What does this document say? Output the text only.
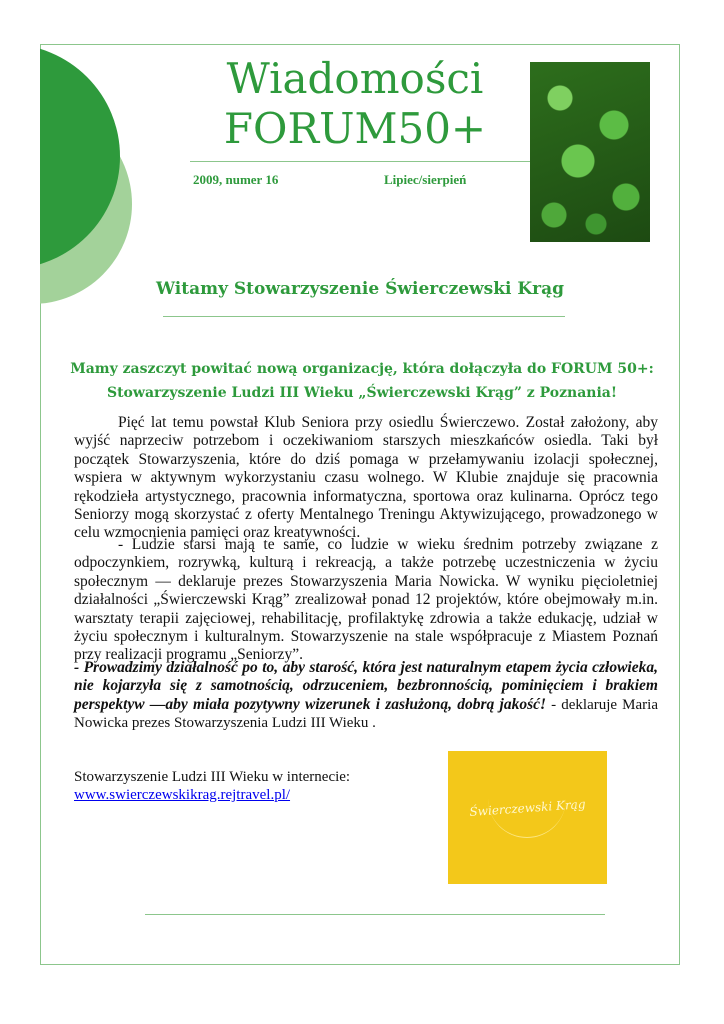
Wiadomości
FORUM50+
2009, numer 16	Lipiec/sierpień
Witamy Stowarzyszenie Świerczewski Krąg
Mamy zaszczyt powitać nową organizację, która dołączyła do FORUM 50+:
Stowarzyszenie Ludzi III Wieku „Świerczewski Krąg” z Poznania!

Pięć lat temu powstał Klub Seniora przy osiedlu Świerczewo. Został założony, aby wyjść naprzeciw potrzebom i oczekiwaniom starszych mieszkańców osiedla. Taki był początek Stowarzyszenia, które do dziś pomaga w przełamywaniu izolacji społecznej, wspiera w aktywnym wykorzystaniu czasu wolnego. W Klubie znajduje się pracownia rękodzieła artystycznego, pracownia informatyczna, sportowa oraz kulinarna. Oprócz tego Seniorzy mogą skorzystać z oferty Mentalnego Treningu Aktywizującego, prowadzonego w celu wzmocnienia pamięci oraz kreatywności.

- Ludzie starsi mają te same, co ludzie w wieku średnim potrzeby związane z odpoczynkiem, rozrywką, kulturą i rekreacją, a także potrzebę uczestniczenia w życiu społecznym — deklaruje prezes Stowarzyszenia Maria Nowicka. W wyniku pięcioletniej działalności „Świerczewski Krąg” zrealizował ponad 12 projektów, które obejmowały m.in. warsztaty terapii zajęciowej, rehabilitację, profilaktykę zdrowia a także edukację, udział w życiu społecznym i kulturalnym. Stowarzyszenie na stale współpracuje z Miastem Poznań przy realizacji programu „Seniorzy”.

- Prowadzimy działalność po to, aby starość, która jest naturalnym etapem życia człowieka, nie kojarzyła się z samotnością, odrzuceniem, bezbronnością, pominięciem i brakiem perspektyw —aby miała pozytywny wizerunek i zasłużoną, dobrą jakość! - deklaruje Maria Nowicka prezes Stowarzyszenia Ludzi III Wieku .

Stowarzyszenie Ludzi III Wieku w internecie:
www.swierczewskikrag.rejtravel.pl/
Świerczewski Krąg
